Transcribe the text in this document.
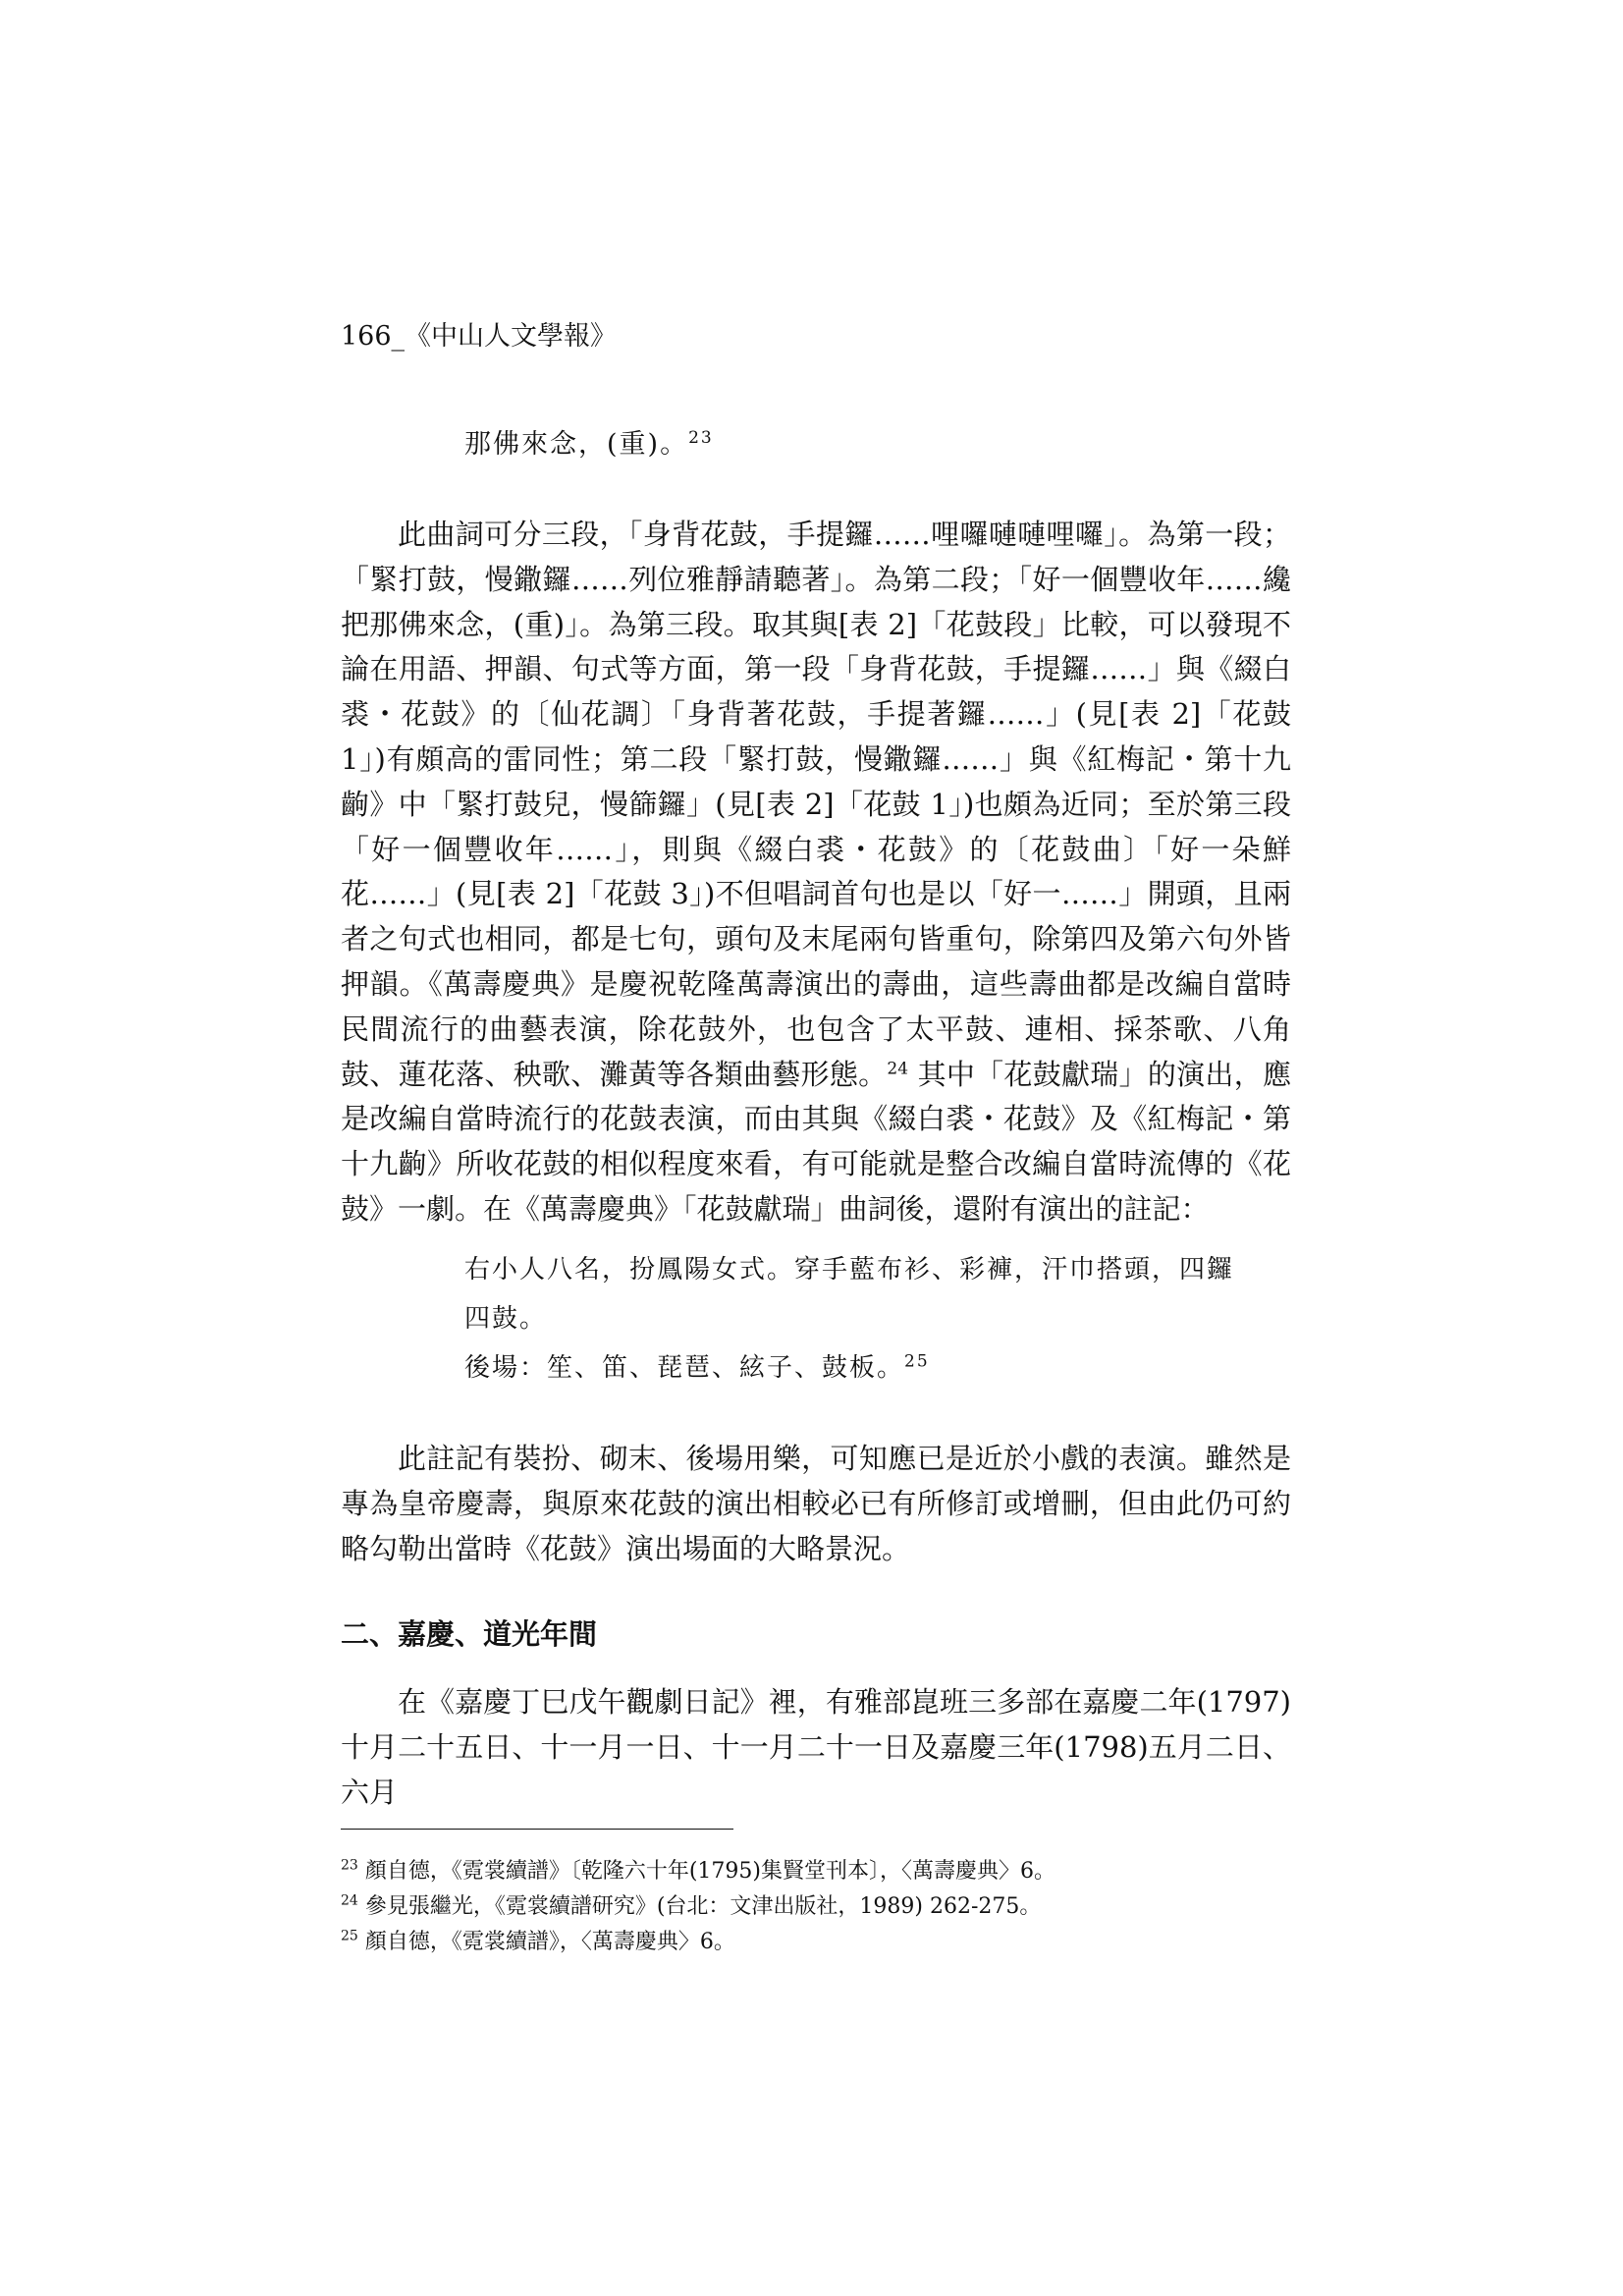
166_《中山人文學報》
那佛來念，(重)。$^{23}$

此曲詞可分三段，「身背花鼓，手提鑼……哩囉嗹嗹哩囉」。為第一段；「緊打鼓，慢鏾鑼……列位雅靜請聽著」。為第二段；「好一個豐收年……纔把那佛來念，(重)」。為第三段。取其與[表 2]「花鼓段」比較，可以發現不論在用語、押韻、句式等方面，第一段「身背花鼓，手提鑼……」與《綴白裘・花鼓》的〔仙花調〕「身背著花鼓，手提著鑼……」(見[表 2]「花鼓 1」)有頗高的雷同性；第二段「緊打鼓，慢鏾鑼……」與《紅梅記・第十九齣》中「緊打鼓兒，慢篩鑼」(見[表 2]「花鼓 1」)也頗為近同；至於第三段「好一個豐收年……」，則與《綴白裘・花鼓》的〔花鼓曲〕「好一朵鮮花……」(見[表 2]「花鼓 3」)不但唱詞首句也是以「好一……」開頭，且兩者之句式也相同，都是七句，頭句及末尾兩句皆重句，除第四及第六句外皆押韻。《萬壽慶典》是慶祝乾隆萬壽演出的壽曲，這些壽曲都是改編自當時民間流行的曲藝表演，除花鼓外，也包含了太平鼓、連相、採茶歌、八角鼓、蓮花落、秧歌、灘黃等各類曲藝形態。$^{24}$ 其中「花鼓獻瑞」的演出，應是改編自當時流行的花鼓表演，而由其與《綴白裘・花鼓》及《紅梅記・第十九齣》所收花鼓的相似程度來看，有可能就是整合改編自當時流傳的《花鼓》一劇。在《萬壽慶典》「花鼓獻瑞」曲詞後，還附有演出的註記：

右小人八名，扮鳳陽女式。穿手藍布衫、彩褲，汗巾搭頭，四鑼四鼓。
後場：笙、笛、琵琶、絃子、鼓板。$^{25}$

此註記有裝扮、砌末、後場用樂，可知應已是近於小戲的表演。雖然是專為皇帝慶壽，與原來花鼓的演出相較必已有所修訂或增刪，但由此仍可約略勾勒出當時《花鼓》演出場面的大略景況。

二、嘉慶、道光年間

在《嘉慶丁巳戊午觀劇日記》裡，有雅部崑班三多部在嘉慶二年(1797)十月二十五日、十一月一日、十一月二十一日及嘉慶三年(1798)五月二日、六月

$^{23}$ 顏自德，《霓裳續譜》〔乾隆六十年(1795)集賢堂刊本〕，〈萬壽慶典〉6。

$^{24}$ 參見張繼光，《霓裳續譜研究》(台北：文津出版社，1989) 262-275。

$^{25}$ 顏自德，《霓裳續譜》，〈萬壽慶典〉6。
